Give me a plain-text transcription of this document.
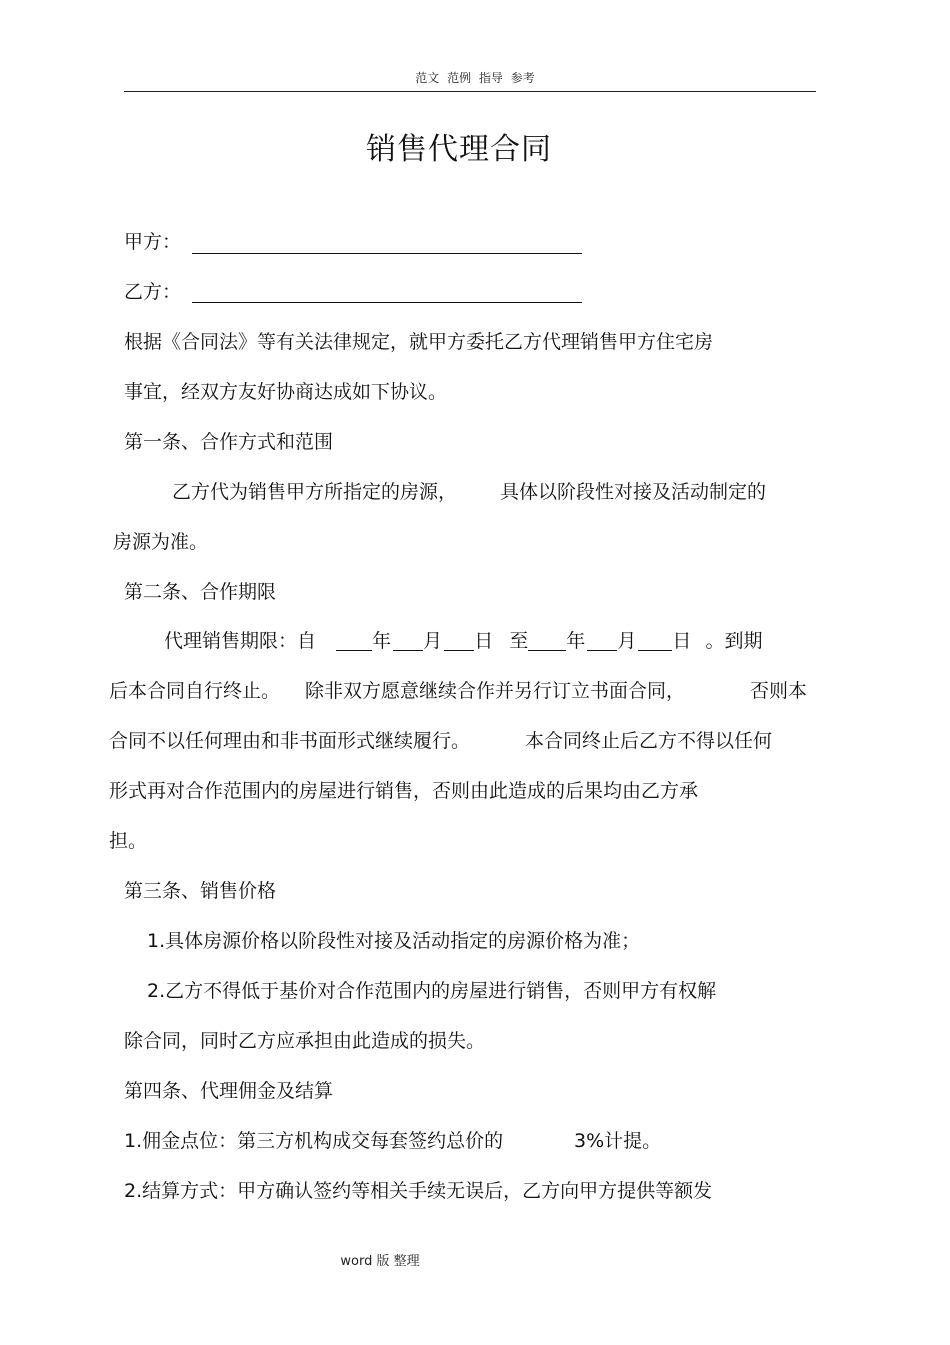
范文 范例 指导 参考
销售代理合同
甲方：
乙方：
根据《合同法》等有关法律规定，就甲方委托乙方代理销售甲方住宅房
事宜，经双方友好协商达成如下协议。
第一条、合作方式和范围
乙方代为销售甲方所指定的房源， 具体以阶段性对接及活动制定的
房源为准。
第二条、合作期限
代理销售期限：自	年 月 日 至 年 月 日 。到期
后本合同自行终止。 除非双方愿意继续合作并另行订立书面合同，	否则本
合同不以任何理由和非书面形式继续履行。	本合同终止后乙方不得以任何
形式再对合作范围内的房屋进行销售，否则由此造成的后果均由乙方承
担。
第三条、销售价格
1.具体房源价格以阶段性对接及活动指定的房源价格为准；
2.乙方不得低于基价对合作范围内的房屋进行销售，否则甲方有权解
除合同，同时乙方应承担由此造成的损失。
第四条、代理佣金及结算
1.佣金点位：第三方机构成交每套签约总价的	3%计提。
2.结算方式：甲方确认签约等相关手续无误后，乙方向甲方提供等额发
word 版 整理
